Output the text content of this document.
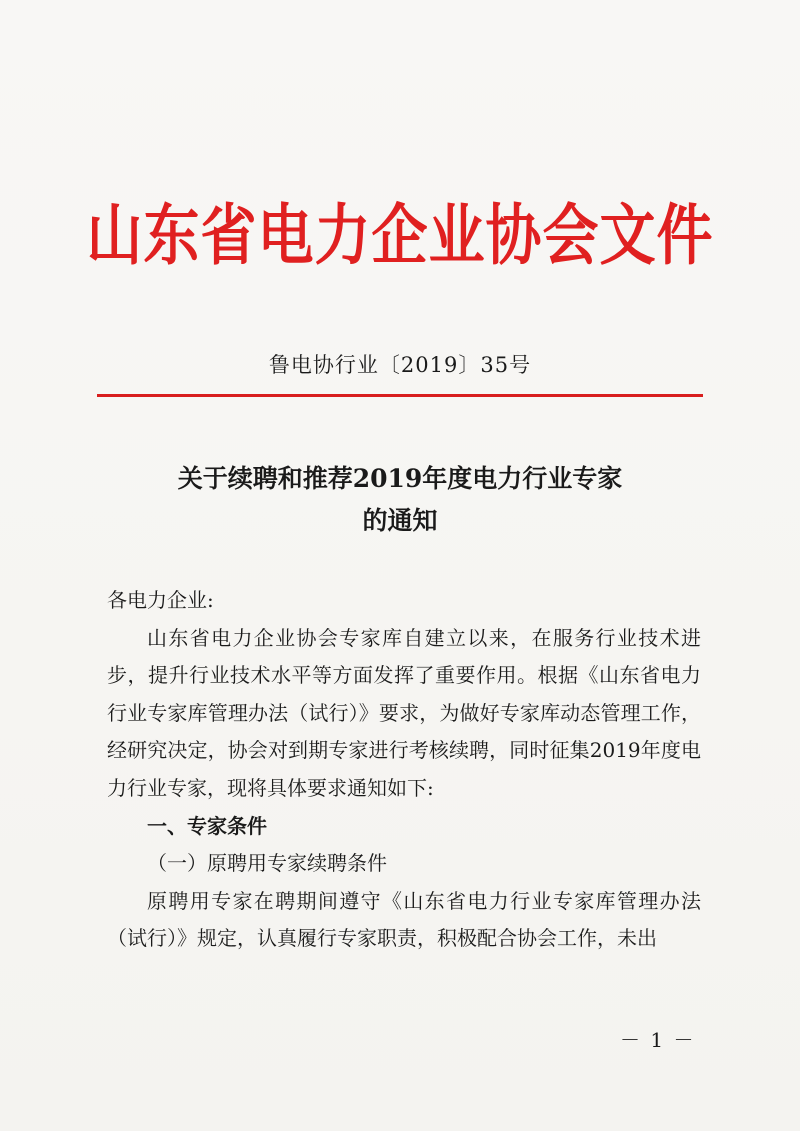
山东省电力企业协会文件
鲁电协行业〔2019〕35号
关于续聘和推荐2019年度电力行业专家
的通知

各电力企业:

山东省电力企业协会专家库自建立以来，在服务行业技术进步，提升行业技术水平等方面发挥了重要作用。根据《山东省电力行业专家库管理办法（试行）》要求，为做好专家库动态管理工作，经研究决定，协会对到期专家进行考核续聘，同时征集2019年度电力行业专家，现将具体要求通知如下:

一、专家条件

（一）原聘用专家续聘条件

原聘用专家在聘期间遵守《山东省电力行业专家库管理办法（试行）》规定，认真履行专家职责，积极配合协会工作，未出

－ 1 －
